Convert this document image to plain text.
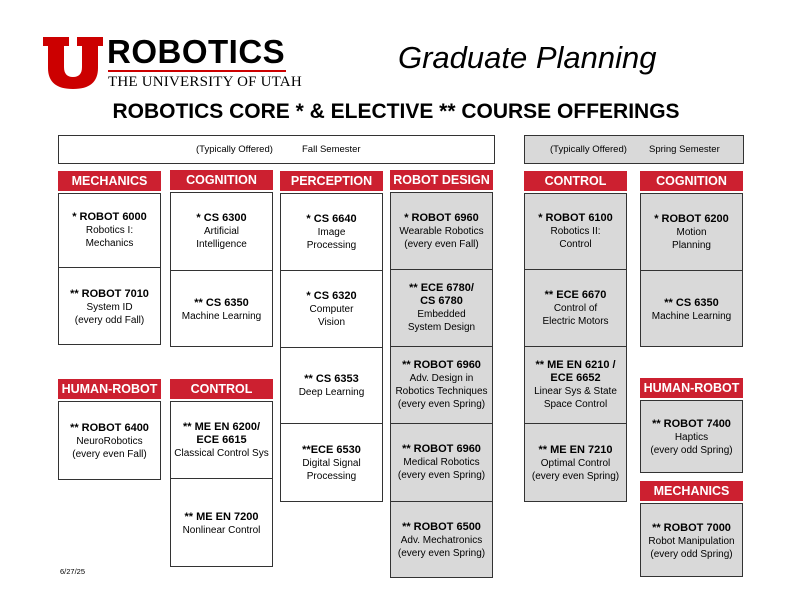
ROBOTICS
THE UNIVERSITY OF UTAH
Graduate Planning
ROBOTICS CORE * & ELECTIVE ** COURSE OFFERINGS
(Typically Offered)	Fall Semester	(Typically Offered) Spring Semester
MECHANICS
* ROBOT 6000
Robotics I:
Mechanics
** ROBOT 7010
System ID
(every odd Fall)
HUMAN-ROBOT
** ROBOT 6400
NeuroRobotics
(every even Fall)
COGNITION
* CS 6300
Artificial
Intelligence
** CS 6350
Machine Learning
CONTROL
** ME EN 6200/
ECE 6615
Classical Control Sys
** ME EN 7200
Nonlinear Control
PERCEPTION
* CS 6640
Image
Processing
* CS 6320
Computer
Vision
** CS 6353
Deep Learning
**ECE 6530
Digital Signal
Processing
ROBOT DESIGN
* ROBOT 6960
Wearable Robotics
(every even Fall)
** ECE 6780/
CS 6780
Embedded
System Design
** ROBOT 6960
Adv. Design in
Robotics Techniques
(every even Spring)
** ROBOT 6960
Medical Robotics
(every even Spring)
** ROBOT 6500
Adv. Mechatronics
(every even Spring)
CONTROL
* ROBOT 6100
Robotics II:
Control
** ECE 6670
Control of
Electric Motors
** ME EN 6210 /
ECE 6652
Linear Sys & State
Space Control
** ME EN 7210
Optimal Control
(every even Spring)
COGNITION
* ROBOT 6200
Motion
Planning
** CS 6350
Machine Learning
HUMAN-ROBOT
** ROBOT 7400
Haptics
(every odd Spring)
MECHANICS
** ROBOT 7000
Robot Manipulation
(every odd Spring)
6/27/25
